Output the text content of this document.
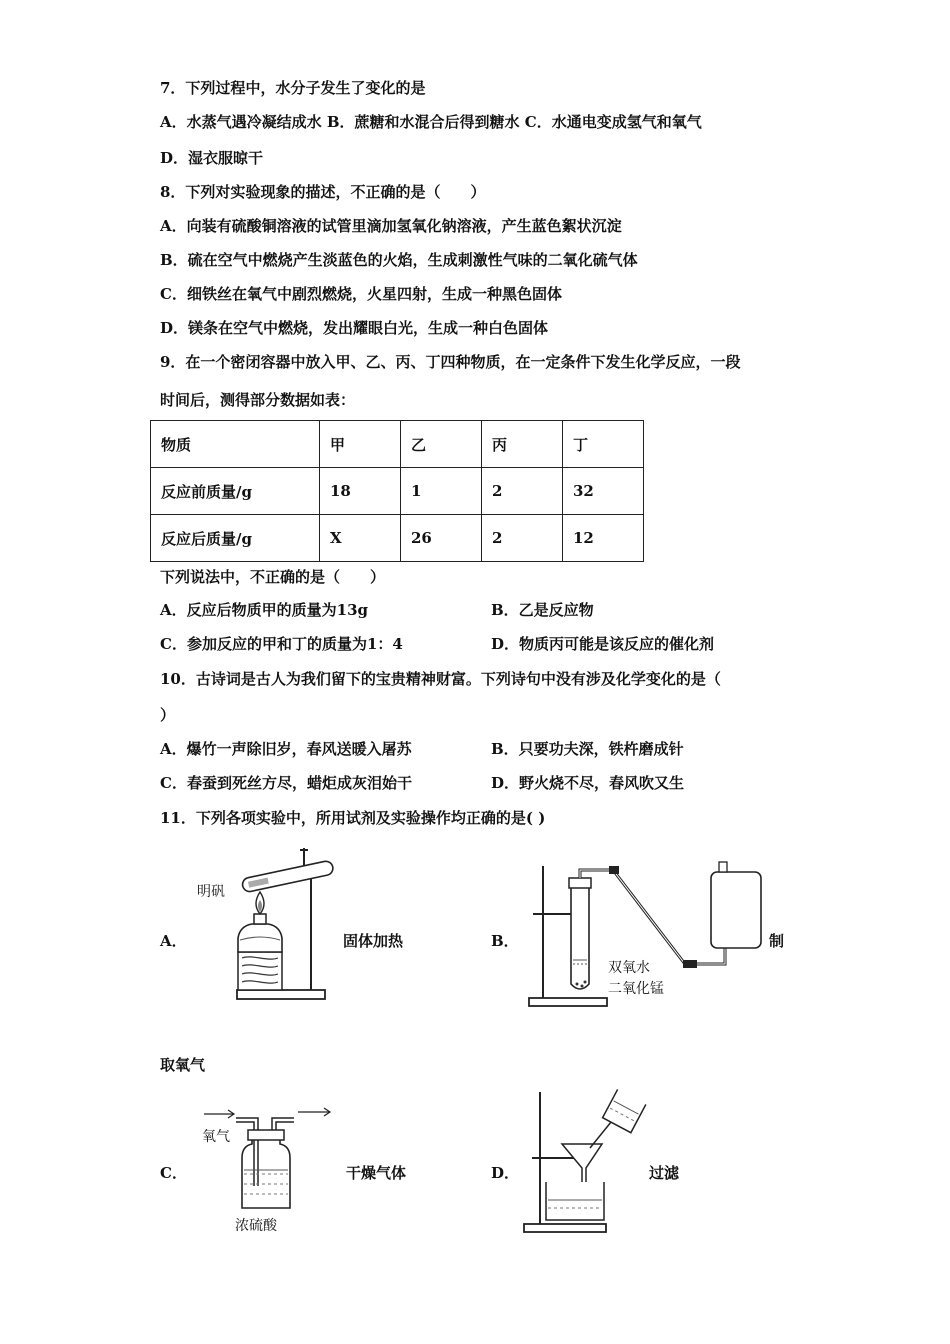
7．下列过程中，水分子发生了变化的是
A．水蒸气遇冷凝结成水 B．蔗糖和水混合后得到糖水 C．水通电变成氢气和氧气
D．湿衣服晾干
8．下列对实验现象的描述，不正确的是（　　）
A．向装有硫酸铜溶液的试管里滴加氢氧化钠溶液，产生蓝色絮状沉淀
B．硫在空气中燃烧产生淡蓝色的火焰，生成刺激性气味的二氧化硫气体
C．细铁丝在氧气中剧烈燃烧，火星四射，生成一种黑色固体
D．镁条在空气中燃烧，发出耀眼白光，生成一种白色固体
9．在一个密闭容器中放入甲、乙、丙、丁四种物质，在一定条件下发生化学反应，一段
时间后，测得部分数据如表：
物质	甲	乙	丙	丁
反应前质量/g	18	1	2	32
反应后质量/g	X	26	2	12
下列说法中，不正确的是（　　）
A．反应后物质甲的质量为13g	B．乙是反应物
C．参加反应的甲和丁的质量为1：4	D．物质丙可能是该反应的催化剂
10．古诗词是古人为我们留下的宝贵精神财富。下列诗句中没有涉及化学变化的是（
）
A．爆竹一声除旧岁，春风送暖入屠苏	B．只要功夫深，铁杵磨成针
C．春蚕到死丝方尽，蜡炬成灰泪始干	D．野火烧不尽，春风吹又生
11．下列各项实验中，所用试剂及实验操作均正确的是( )
A．
明矾
固体加热	B．
双氧水
二氧化锰
制
取氧气
C．
氧气
浓硫酸
干燥气体	D．	过滤
